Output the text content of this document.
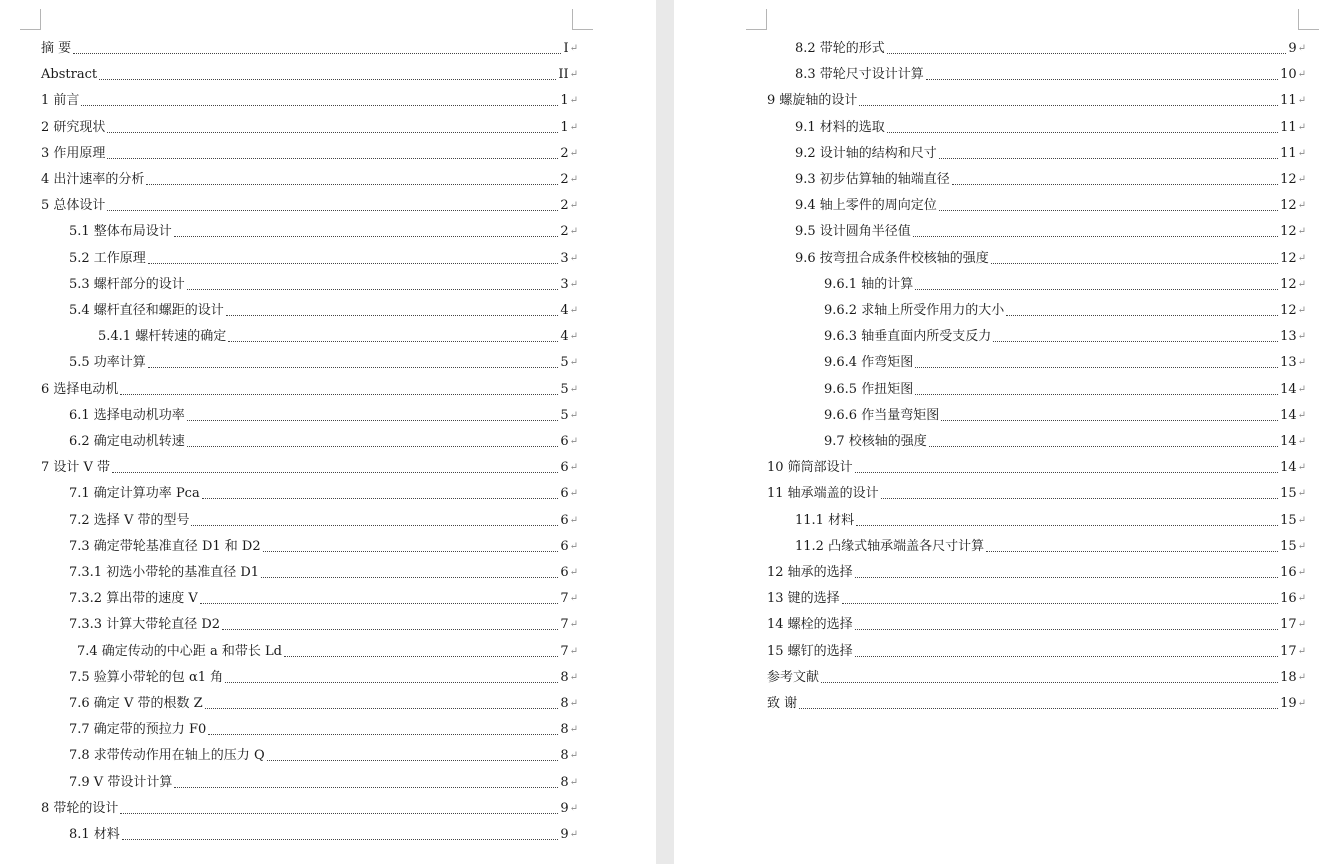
摘 要	I ↵
Abstract	II ↵
1 前言	1 ↵
2 研究现状	1 ↵
3 作用原理	2 ↵
4 出汁速率的分析	2 ↵
5 总体设计	2 ↵
5.1 整体布局设计	2 ↵
5.2 工作原理	3 ↵
5.3 螺杆部分的设计	3 ↵
5.4 螺杆直径和螺距的设计	4 ↵
5.4.1 螺杆转速的确定	4 ↵
5.5 功率计算	5 ↵
6 选择电动机	5 ↵
6.1 选择电动机功率	5 ↵
6.2 确定电动机转速	6 ↵
7 设计 V 带	6 ↵
7.1 确定计算功率 Pca	6 ↵
7.2 选择 V 带的型号	6 ↵
7.3 确定带轮基准直径 D1 和 D2	6 ↵
7.3.1 初选小带轮的基准直径 D1	6 ↵
7.3.2 算出带的速度 V	7 ↵
7.3.3 计算大带轮直径 D2	7 ↵
7.4 确定传动的中心距 a 和带长 Ld	7 ↵
7.5 验算小带轮的包 α1 角	8 ↵
7.6 确定 V 带的根数 Z	8 ↵
7.7 确定带的预拉力 F0	8 ↵
7.8 求带传动作用在轴上的压力 Q	8 ↵
7.9 V 带设计计算	8 ↵
8 带轮的设计	9 ↵
8.1 材料	9 ↵
8.2 带轮的形式	9 ↵
8.3 带轮尺寸设计计算	10 ↵
9 螺旋轴的设计	11 ↵
9.1 材料的选取	11 ↵
9.2 设计轴的结构和尺寸	11 ↵
9.3 初步估算轴的轴端直径	12 ↵
9.4 轴上零件的周向定位	12 ↵
9.5 设计圆角半径值	12 ↵
9.6 按弯扭合成条件校核轴的强度	12 ↵
9.6.1 轴的计算	12 ↵
9.6.2 求轴上所受作用力的大小	12 ↵
9.6.3 轴垂直面内所受支反力	13 ↵
9.6.4 作弯矩图	13 ↵
9.6.5 作扭矩图	14 ↵
9.6.6 作当量弯矩图	14 ↵
9.7 校核轴的强度	14 ↵
10 筛筒部设计	14 ↵
11 轴承端盖的设计	15 ↵
11.1 材料	15 ↵
11.2 凸缘式轴承端盖各尺寸计算	15 ↵
12 轴承的选择	16 ↵
13 键的选择	16 ↵
14 螺栓的选择	17 ↵
15 螺钉的选择	17 ↵
参考文献	18 ↵
致 谢	19 ↵
